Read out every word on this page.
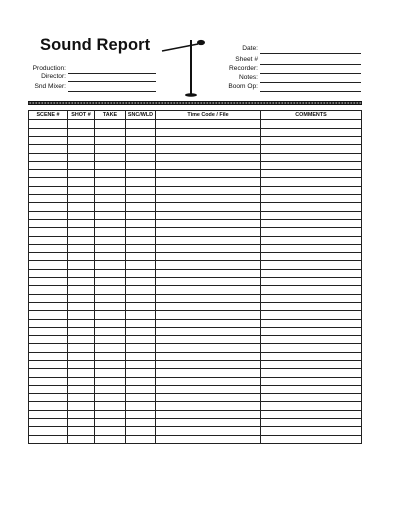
Sound Report
Production:
Director:
Snd Mixer:
Date:
Sheet #
Recorder:
Notes:
Boom Op:
SCENE #	SHOT #	TAKE	SNC/WLD	Time Code / File	COMMENTS
